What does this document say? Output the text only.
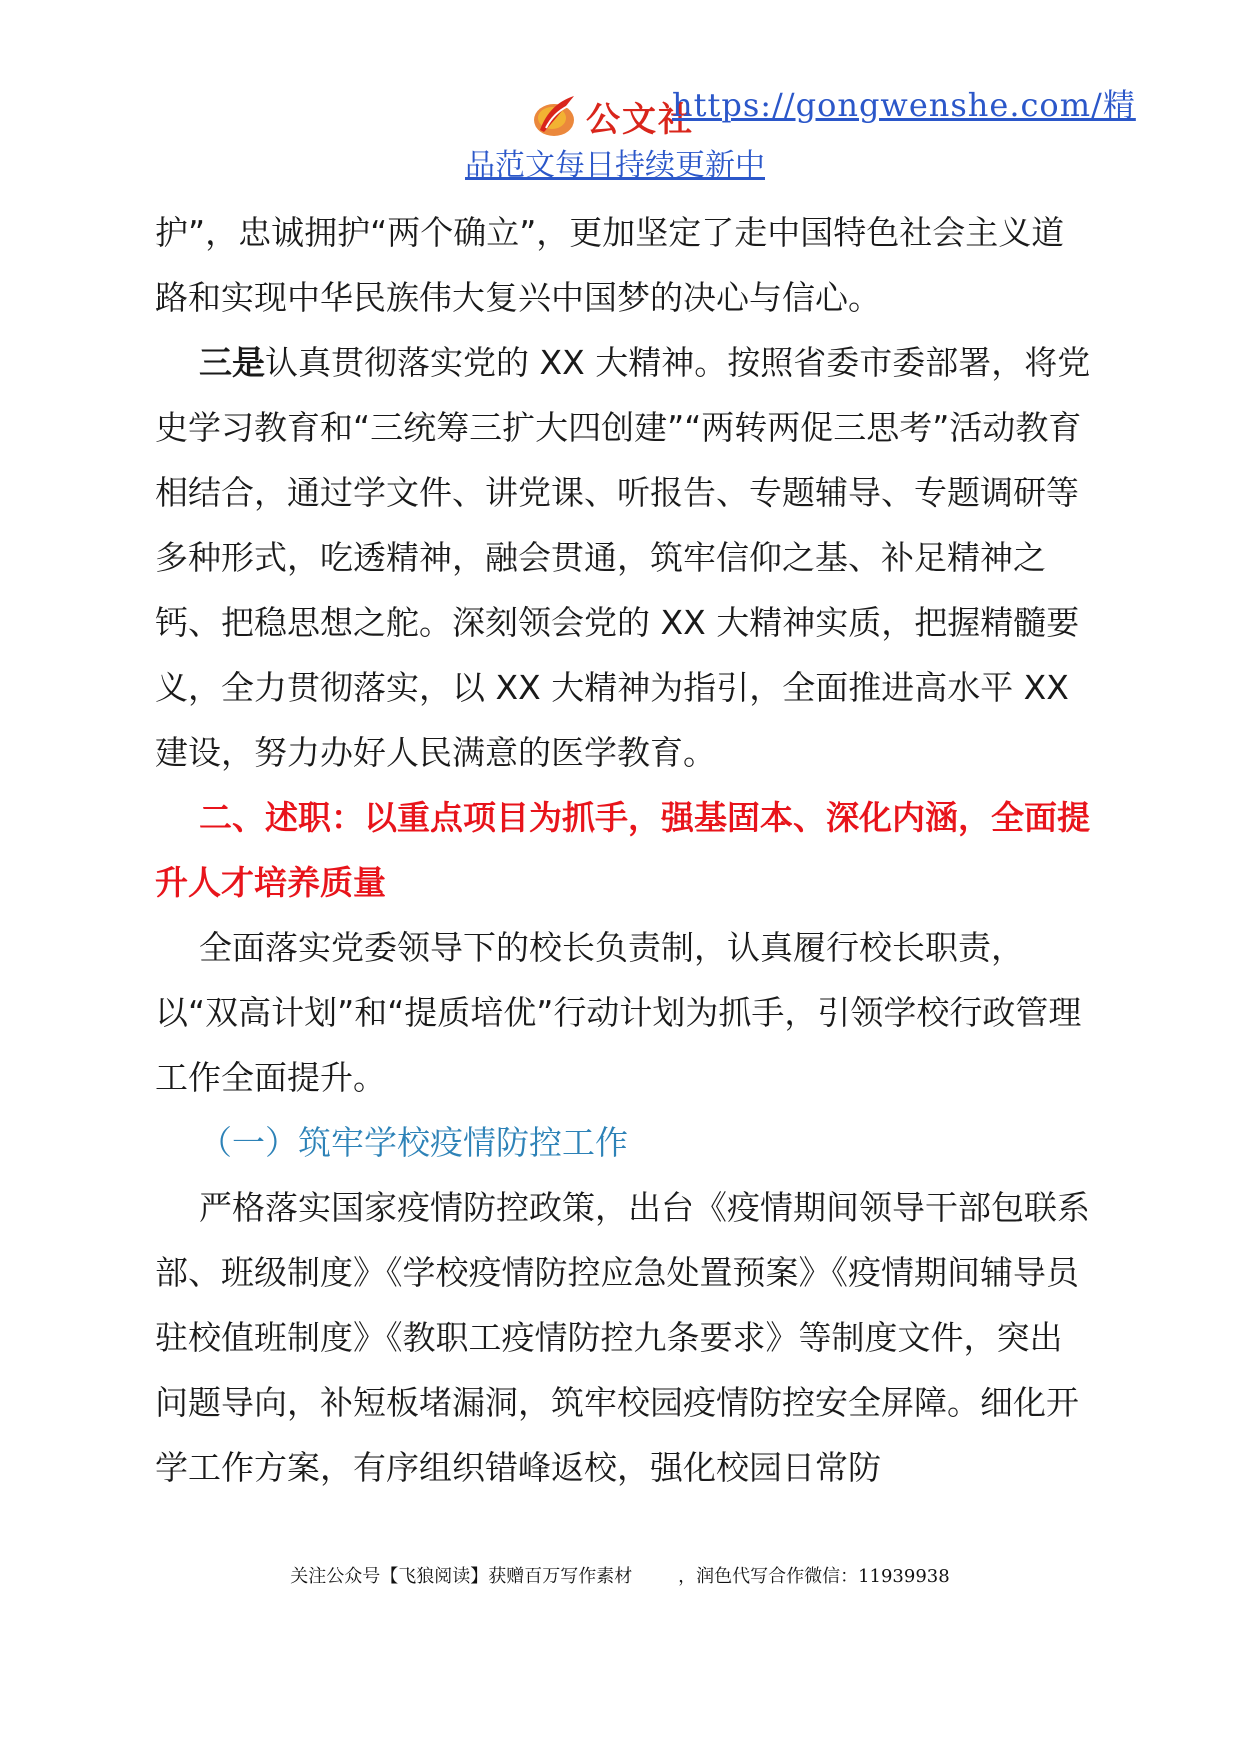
公文社
https://gongwenshe.com/精
品范文每日持续更新中

护”，忠诚拥护“两个确立”，更加坚定了走中国特色社会主义道路和实现中华民族伟大复兴中国梦的决心与信心。

三是认真贯彻落实党的 XX 大精神。按照省委市委部署，将党史学习教育和“三统筹三扩大四创建”“两转两促三思考”活动教育相结合，通过学文件、讲党课、听报告、专题辅导、专题调研等多种形式，吃透精神，融会贯通，筑牢信仰之基、补足精神之钙、把稳思想之舵。深刻领会党的 XX 大精神实质，把握精髓要义，全力贯彻落实，以 XX 大精神为指引，全面推进高水平 XX 建设，努力办好人民满意的医学教育。

二、述职：以重点项目为抓手，强基固本、深化内涵，全面提升人才培养质量

全面落实党委领导下的校长负责制，认真履行校长职责，以“双高计划”和“提质培优”行动计划为抓手，引领学校行政管理工作全面提升。

（一）筑牢学校疫情防控工作

严格落实国家疫情防控政策，出台《疫情期间领导干部包联系部、班级制度》《学校疫情防控应急处置预案》《疫情期间辅导员驻校值班制度》《教职工疫情防控九条要求》等制度文件，突出问题导向，补短板堵漏洞，筑牢校园疫情防控安全屏障。细化开学工作方案，有序组织错峰返校，强化校园日常防

关注公众号【飞狼阅读】获赠百万写作素材        ，润色代写合作微信：11939938
